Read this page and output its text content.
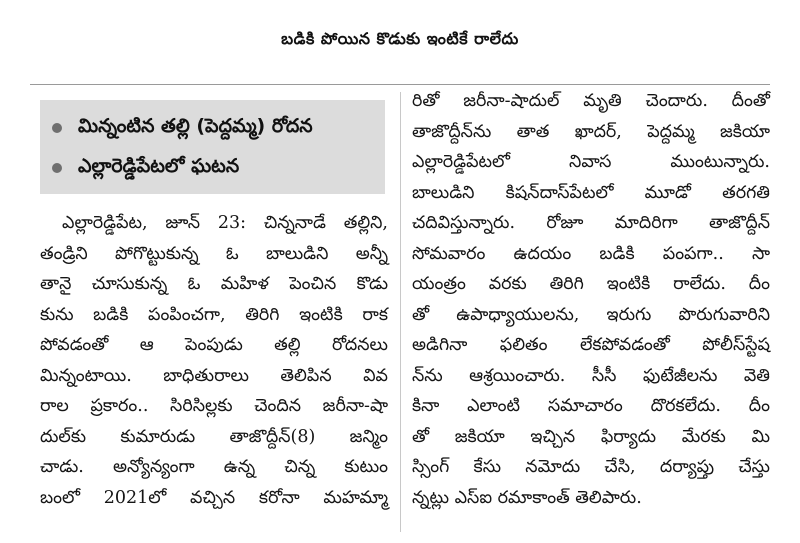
బడికి పోయిన కొడుకు ఇంటికే రాలేదు
మిన్నంటిన తల్లి (పెద్దమ్మ) రోదన
ఎల్లారెడ్డిపేటలో ఘటన
ఎల్లారెడ్డిపేట, జూన్ 23: చిన్ననాడే తల్లిని,
తండ్రిని పోగొట్టుకున్న ఓ బాలుడిని అన్నీ
తానై చూసుకున్న ఓ మహిళ పెంచిన కొడు
కును బడికి పంపించగా, తిరిగి ఇంటికి రాక
పోవడంతో ఆ పెంపుడు తల్లి రోదనలు
మిన్నంటాయి. బాధితురాలు తెలిపిన వివ
రాల ప్రకారం.. సిరిసిల్లకు చెందిన జరీనా-షా
దుల్‌కు కుమారుడు తాజొద్దీన్(8) జన్మిం
చాడు. అన్యోన్యంగా ఉన్న చిన్న కుటుం
బంలో 2021లో వచ్చిన కరోనా మహమ్మా
రితో జరీనా-షాదుల్ మృతి చెందారు. దీంతో
తాజొద్దీన్‌ను తాత ఖాదర్, పెద్దమ్మ జకియా
ఎల్లారెడ్డిపేటలో నివాస ముంటున్నారు.
బాలుడిని కిషన్‌దాస్‌పేటలో మూడో తరగతి
చదివిస్తున్నారు. రోజూ మాదిరిగా తాజొద్దీన్
సోమవారం ఉదయం బడికి పంపగా.. సా
యంత్రం వరకు తిరిగి ఇంటికి రాలేదు. దీం
తో ఉపాధ్యాయులను, ఇరుగు పొరుగువారిని
అడిగినా ఫలితం లేకపోవడంతో పోలీస్‌స్టేష
న్‌ను ఆశ్రయించారు. సీసీ ఫుటేజీలను వెతి
కినా ఎలాంటి సమాచారం దొరకలేదు. దీం
తో జకియా ఇచ్చిన ఫిర్యాదు మేరకు మి
స్సింగ్ కేసు నమోదు చేసి, దర్యాప్తు చేస్తు
న్నట్లు ఎస్ఐ రమాకాంత్ తెలిపారు.
